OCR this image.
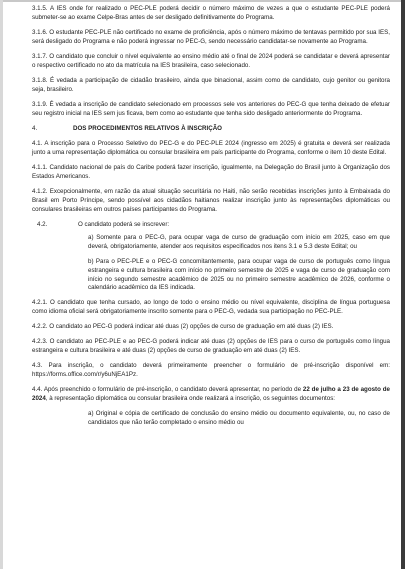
3.1.5. A IES onde for realizado o PEC-PLE poderá decidir o número máximo de vezes a que o estudante PEC-PLE poderá submeter-se ao exame Celpe-Bras antes de ser desligado definitivamente do Programa.

3.1.6. O estudante PEC-PLE não certificado no exame de proficiência, após o número máximo de tentavas permitido por sua IES, será desligado do Programa e não poderá ingressar no PEC-G, sendo necessário candidatar-se novamente ao Programa.

3.1.7. O candidato que concluir o nível equivalente ao ensino médio até o final de 2024 poderá se candidatar e deverá apresentar o respectivo certificado no ato da matrícula na IES brasileira, caso selecionado.

3.1.8. É vedada a participação de cidadão brasileiro, ainda que binacional, assim como de candidato, cujo genitor ou genitora seja, brasileiro.

3.1.9. É vedada a inscrição de candidato selecionado em processos sele vos anteriores do PEC-G que tenha deixado de efetuar seu registro inicial na IES sem jus ficava, bem como ao estudante que tenha sido desligado anteriormente do Programa.

4.	DOS PROCEDIMENTOS RELATIVOS À INSCRIÇÃO

4.1. A inscrição para o Processo Seletivo do PEC-G e do PEC-PLE 2024 (ingresso em 2025) é gratuita e deverá ser realizada junto a uma representação diplomática ou consular brasileira em país participante do Programa, conforme o item 10 deste Edital.

4.1.1. Candidato nacional de país do Caribe poderá fazer inscrição, igualmente, na Delegação do Brasil junto à Organização dos Estados Americanos.

4.1.2. Excepcionalmente, em razão da atual situação securitária no Haiti, não serão recebidas inscrições junto à Embaixada do Brasil em Porto Príncipe, sendo possível aos cidadãos haitianos realizar inscrição junto às representações diplomáticas ou consulares brasileiras em outros países participantes do Programa.

4.2.	O candidato poderá se inscrever:

a) Somente para o PEC-G, para ocupar vaga de curso de graduação com início em 2025, caso em que deverá, obrigatoriamente, atender aos requisitos especificados nos itens 3.1 e 5.3 deste Edital; ou

b) Para o PEC-PLE e o PEC-G concomitantemente, para ocupar vaga de curso de português como língua estrangeira e cultura brasileira com início no primeiro semestre de 2025 e vaga de curso de graduação com início no segundo semestre acadêmico de 2025 ou no primeiro semestre acadêmico de 2026, conforme o calendário acadêmico da IES indicada.

4.2.1. O candidato que tenha cursado, ao longo de todo o ensino médio ou nível equivalente, disciplina de língua portuguesa como idioma oficial será obrigatoriamente inscrito somente para o PEC-G, vedada sua participação no PEC-PLE.

4.2.2. O candidato ao PEC-G poderá indicar até duas (2) opções de curso de graduação em até duas (2) IES.

4.2.3. O candidato ao PEC-PLE e ao PEC-G poderá indicar até duas (2) opções de IES para o curso de português como língua estrangeira e cultura brasileira e até duas (2) opções de curso de graduação em até duas (2) IES.

4.3. Para inscrição, o candidato deverá primeiramente preencher o formulário de pré-inscrição disponível em: https://forms.office.com/r/y6uNjEA1Pz.

4.4. Após preenchido o formulário de pré-inscrição, o candidato deverá apresentar, no período de 22 de julho a 23 de agosto de 2024, à representação diplomática ou consular brasileira onde realizará a inscrição, os seguintes documentos:

a) Original e cópia de certificado de conclusão do ensino médio ou documento equivalente, ou, no caso de candidatos que não terão completado o ensino médio ou
